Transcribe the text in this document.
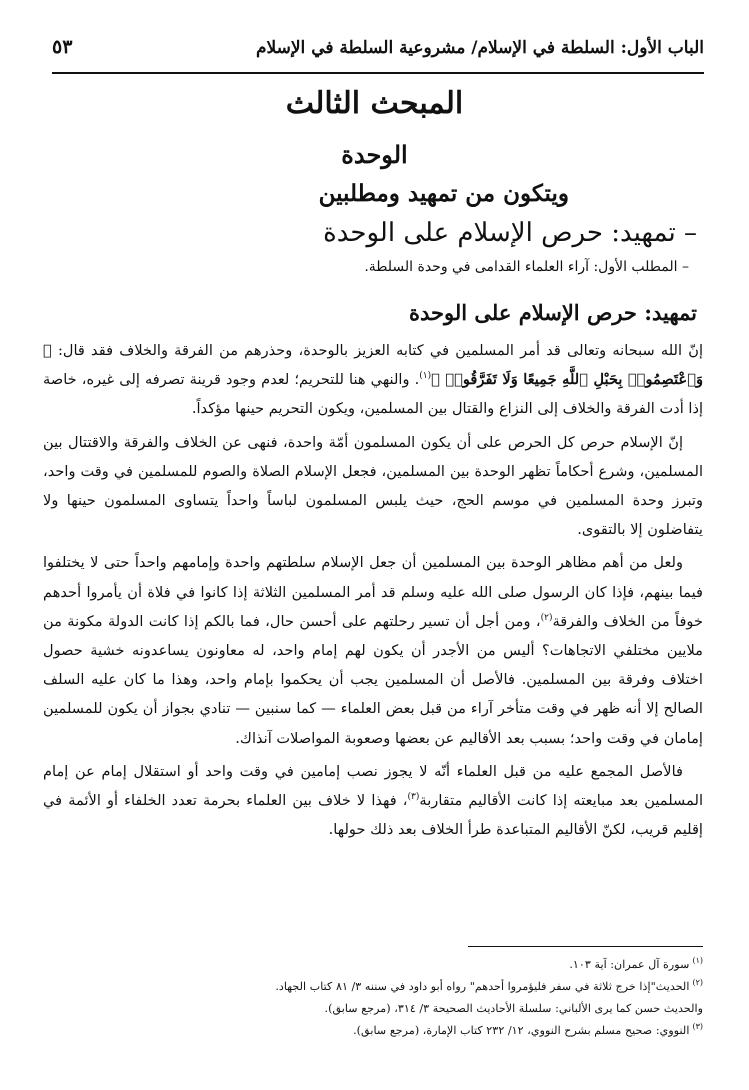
الباب الأول: السلطة في الإسلام/ مشروعية السلطة في الإسلام
٥٣
المبحث الثالث
الوحدة
ويتكون من تمهيد ومطلبين
– تمهيد: حرص الإسلام على الوحدة
– المطلب الأول: آراء العلماء القدامى في وحدة السلطة.
تمهيد: حرص الإسلام على الوحدة

إنّ الله سبحانه وتعالى قد أمر المسلمين في كتابه العزيز بالوحدة، وحذرهم من الفرقة والخلاف فقد قال: ﴿ وَٱعْتَصِمُوا۟ بِحَبْلِ ٱللَّهِ جَمِيعًا وَلَا تَفَرَّقُوا۟ ﴾$^{(١)}$. والنهي هنا للتحريم؛ لعدم وجود قرينة تصرفه إلى غيره، خاصة إذا أدت الفرقة والخلاف إلى النزاع والقتال بين المسلمين، ويكون التحريم حينها مؤكداً.

إنّ الإسلام حرص كل الحرص على أن يكون المسلمون أمّة واحدة، فنهى عن الخلاف والفرقة والاقتتال بين المسلمين، وشرع أحكاماً تظهر الوحدة بين المسلمين، فجعل الإسلام الصلاة والصوم للمسلمين في وقت واحد، وتبرز وحدة المسلمين في موسم الحج، حيث يلبس المسلمون لباساً واحداً يتساوى المسلمون حينها ولا يتفاضلون إلا بالتقوى.

ولعل من أهم مظاهر الوحدة بين المسلمين أن جعل الإسلام سلطتهم واحدة وإمامهم واحداً حتى لا يختلفوا فيما بينهم، فإذا كان الرسول صلى الله عليه وسلم قد أمر المسلمين الثلاثة إذا كانوا في فلاة أن يأمروا أحدهم خوفاً من الخلاف والفرقة$^{(٢)}$، ومن أجل أن تسير رحلتهم على أحسن حال، فما بالكم إذا كانت الدولة مكونة من ملايين مختلفي الاتجاهات؟ أليس من الأجدر أن يكون لهم إمام واحد، له معاونون يساعدونه خشية حصول اختلاف وفرقة بين المسلمين. فالأصل أن المسلمين يجب أن يحكموا بإمام واحد، وهذا ما كان عليه السلف الصالح إلا أنه ظهر في وقت متأخر آراء من قبل بعض العلماء — كما سنبين — تنادي بجواز أن يكون للمسلمين إمامان في وقت واحد؛ بسبب بعد الأقاليم عن بعضها وصعوبة المواصلات آنذاك.

فالأصل المجمع عليه من قبل العلماء أنّه لا يجوز نصب إمامين في وقت واحد أو استقلال إمام عن إمام المسلمين بعد مبايعته إذا كانت الأقاليم متقاربة$^{(٣)}$، فهذا لا خلاف بين العلماء بحرمة تعدد الخلفاء أو الأئمة في إقليم قريب، لكنّ الأقاليم المتباعدة طرأ الخلاف بعد ذلك حولها.

$^{(١)}$سورة آل عمران: آية ١٠٣.

$^{(٢)}$الحديث"إذا خرج ثلاثة في سفر فليؤمروا أحدهم" رواه أبو داود في سننه ٣/ ٨١ كتاب الجهاد.

والحديث حسن كما يرى الألباني: سلسلة الأحاديث الصحيحة ٣/ ٣١٤، (مرجع سابق).

$^{(٣)}$النووي: صحيح مسلم بشرح النووي، ١٢/ ٢٣٢ كتاب الإمارة، (مرجع سابق).
